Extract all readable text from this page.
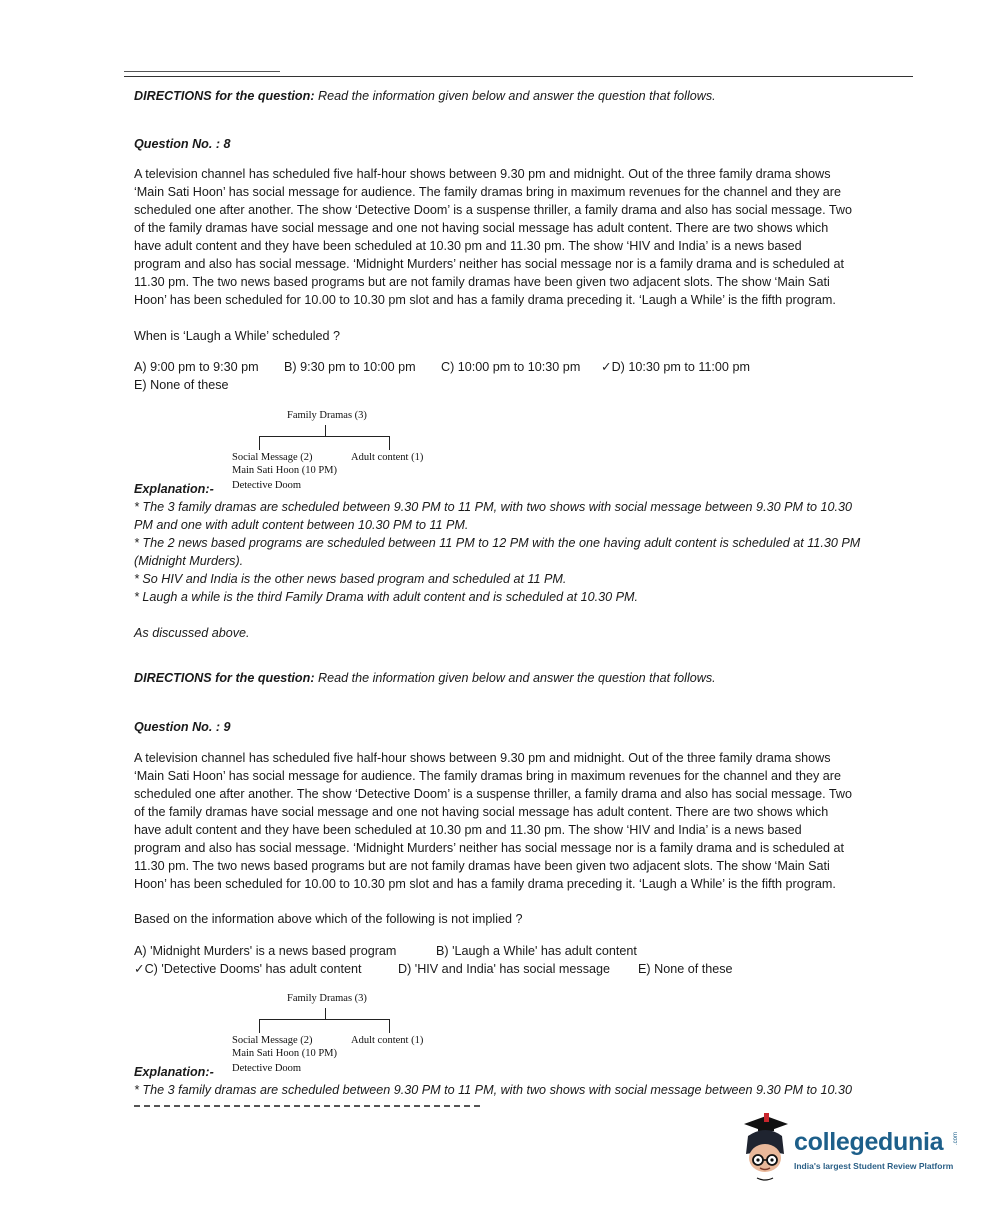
DIRECTIONS for the question: Read the information given below and answer the question that follows.
Question No. : 8
A television channel has scheduled five half-hour shows between 9.30 pm and midnight. Out of the three family drama shows
‘Main Sati Hoon’ has social message for audience. The family dramas bring in maximum revenues for the channel and they are
scheduled one after another. The show ‘Detective Doom’ is a suspense thriller, a family drama and also has social message. Two
of the family dramas have social message and one not having social message has adult content. There are two shows which
have adult content and they have been scheduled at 10.30 pm and 11.30 pm. The show ‘HIV and India’ is a news based
program and also has social message. ‘Midnight Murders’ neither has social message nor is a family drama and is scheduled at
11.30 pm. The two news based programs but are not family dramas have been given two adjacent slots. The show ‘Main Sati
Hoon’ has been scheduled for 10.00 to 10.30 pm slot and has a family drama preceding it. ‘Laugh a While’ is the fifth program.
When is ‘Laugh a While’ scheduled ?
A) 9:00 pm to 9:30 pm B) 9:30 pm to 10:00 pm C) 10:00 pm to 10:30 pm ✓D) 10:30 pm to 11:00 pm
E) None of these
Family Dramas (3)
Social Message (2)	Adult content (1)
Main Sati Hoon (10 PM)
Detective Doom
Explanation:-
* The 3 family dramas are scheduled between 9.30 PM to 11 PM, with two shows with social message between 9.30 PM to 10.30
PM and one with adult content between 10.30 PM to 11 PM.
* The 2 news based programs are scheduled between 11 PM to 12 PM with the one having adult content is scheduled at 11.30 PM
(Midnight Murders).
* So HIV and India is the other news based program and scheduled at 11 PM.
* Laugh a while is the third Family Drama with adult content and is scheduled at 10.30 PM.
As discussed above.
DIRECTIONS for the question: Read the information given below and answer the question that follows.
Question No. : 9
A television channel has scheduled five half-hour shows between 9.30 pm and midnight. Out of the three family drama shows
‘Main Sati Hoon’ has social message for audience. The family dramas bring in maximum revenues for the channel and they are
scheduled one after another. The show ‘Detective Doom’ is a suspense thriller, a family drama and also has social message. Two
of the family dramas have social message and one not having social message has adult content. There are two shows which
have adult content and they have been scheduled at 10.30 pm and 11.30 pm. The show ‘HIV and India’ is a news based
program and also has social message. ‘Midnight Murders’ neither has social message nor is a family drama and is scheduled at
11.30 pm. The two news based programs but are not family dramas have been given two adjacent slots. The show ‘Main Sati
Hoon’ has been scheduled for 10.00 to 10.30 pm slot and has a family drama preceding it. ‘Laugh a While’ is the fifth program.
Based on the information above which of the following is not implied ?
A) 'Midnight Murders' is a news based program	B) 'Laugh a While' has adult content
✓C) 'Detective Dooms' has adult content	D) 'HIV and India' has social message E) None of these
Family Dramas (3)
Social Message (2)	Adult content (1)
Main Sati Hoon (10 PM)
Detective Doom
Explanation:-
* The 3 family dramas are scheduled between 9.30 PM to 11 PM, with two shows with social message between 9.30 PM to 10.30
collegedunia .com
India's largest Student Review Platform
